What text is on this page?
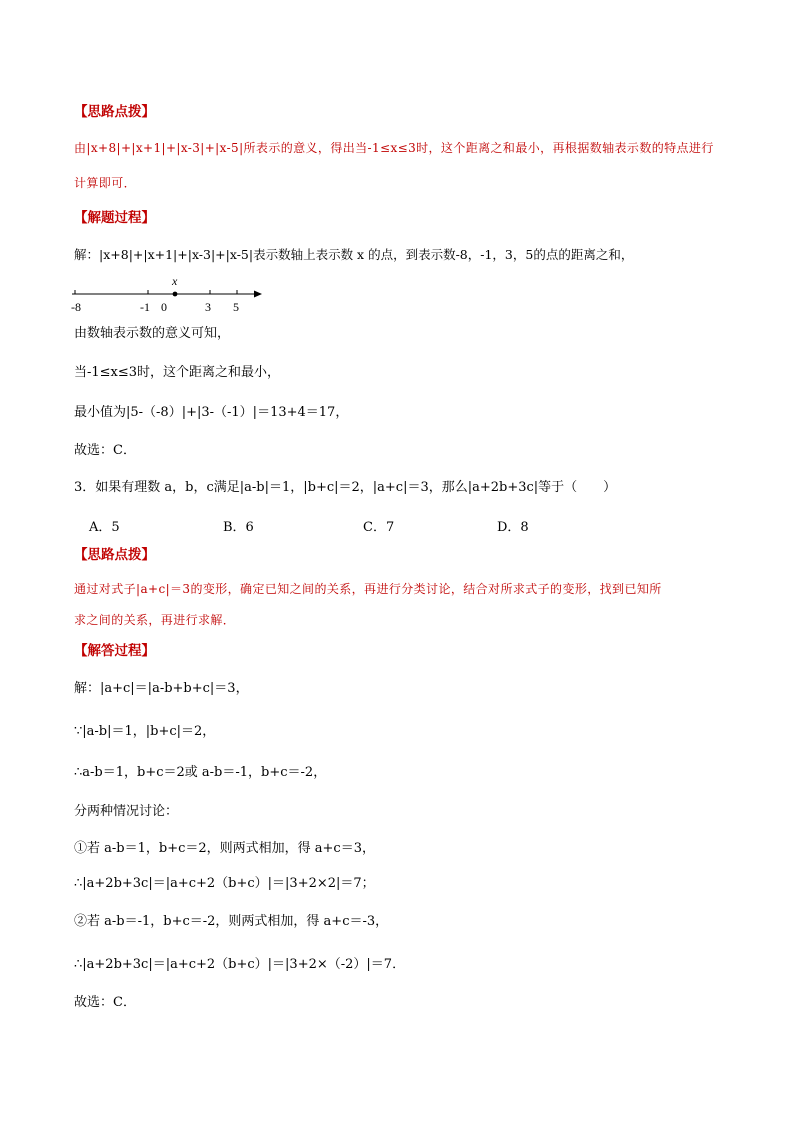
【思路点拨】
由|x+8|+|x+1|+|x-3|+|x-5|所表示的意义，得出当-1≤x≤3时，这个距离之和最小，再根据数轴表示数的特点进行
计算即可．
【解题过程】
解：|x+8|+|x+1|+|x-3|+|x-5|表示数轴上表示数 x 的点，到表示数-8，-1，3，5的点的距离之和，
x
-8	-1 0	3 5
由数轴表示数的意义可知，
当-1≤x≤3时，这个距离之和最小，
最小值为|5-（-8）|+|3-（-1）|＝13+4＝17，
故选：C．
3．如果有理数 a，b，c满足|a-b|＝1，|b+c|＝2，|a+c|＝3，那么|a+2b+3c|等于（　　）
A．5	B．6	C．7	D．8
【思路点拨】
通过对式子|a+c|＝3的变形，确定已知之间的关系，再进行分类讨论，结合对所求式子的变形，找到已知所
求之间的关系，再进行求解．
【解答过程】
解：|a+c|＝|a-b+b+c|＝3，
∵|a-b|＝1，|b+c|＝2，
∴a-b＝1，b+c＝2或 a-b＝-1，b+c＝-2，
分两种情况讨论：
①若 a-b＝1，b+c＝2，则两式相加，得 a+c＝3，
∴|a+2b+3c|＝|a+c+2（b+c）|＝|3+2×2|＝7；
②若 a-b＝-1，b+c＝-2，则两式相加，得 a+c＝-3，
∴|a+2b+3c|＝|a+c+2（b+c）|＝|3+2×（-2）|＝7．
故选：C．
